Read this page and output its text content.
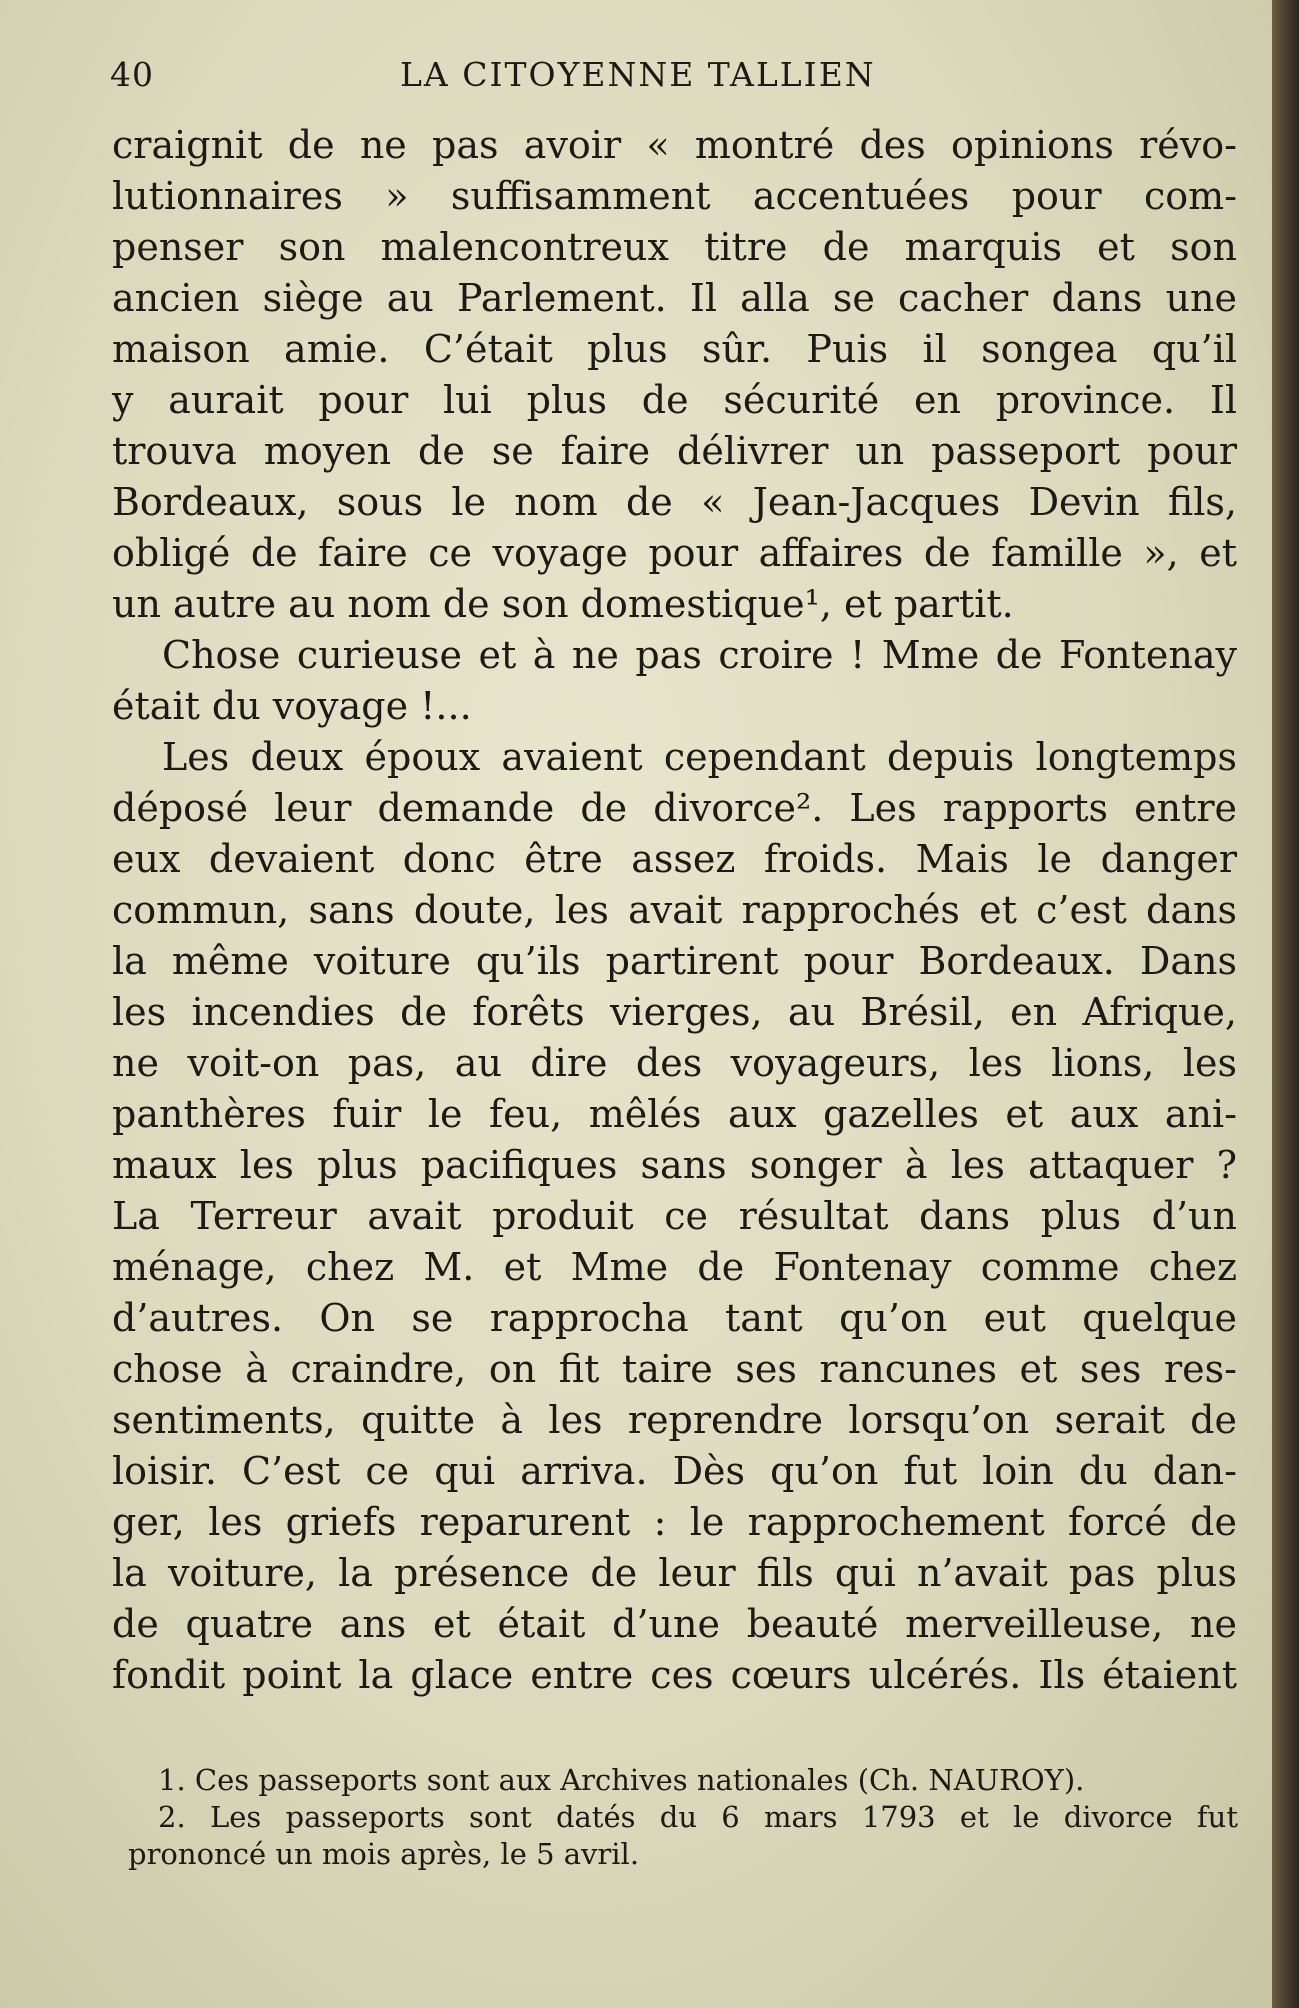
40	LA CITOYENNE TALLIEN
craignit de ne pas avoir « montré des opinions révo-
lutionnaires » suffisamment accentuées pour com-
penser son malencontreux titre de marquis et son
ancien siège au Parlement. Il alla se cacher dans une
maison amie. C’était plus sûr. Puis il songea qu’il
y aurait pour lui plus de sécurité en province. Il
trouva moyen de se faire délivrer un passeport pour
Bordeaux, sous le nom de « Jean-Jacques Devin fils,
obligé de faire ce voyage pour affaires de famille », et
un autre au nom de son domestique¹, et partit.
Chose curieuse et à ne pas croire ! Mme de Fontenay
était du voyage !...
Les deux époux avaient cependant depuis longtemps
déposé leur demande de divorce². Les rapports entre
eux devaient donc être assez froids. Mais le danger
commun, sans doute, les avait rapprochés et c’est dans
la même voiture qu’ils partirent pour Bordeaux. Dans
les incendies de forêts vierges, au Brésil, en Afrique,
ne voit-on pas, au dire des voyageurs, les lions, les
panthères fuir le feu, mêlés aux gazelles et aux ani-
maux les plus pacifiques sans songer à les attaquer ?
La Terreur avait produit ce résultat dans plus d’un
ménage, chez M. et Mme de Fontenay comme chez
d’autres. On se rapprocha tant qu’on eut quelque
chose à craindre, on fit taire ses rancunes et ses res-
sentiments, quitte à les reprendre lorsqu’on serait de
loisir. C’est ce qui arriva. Dès qu’on fut loin du dan-
ger, les griefs reparurent : le rapprochement forcé de
la voiture, la présence de leur fils qui n’avait pas plus
de quatre ans et était d’une beauté merveilleuse, ne
fondit point la glace entre ces cœurs ulcérés. Ils étaient
1. Ces passeports sont aux Archives nationales (Ch. NAUROY).
2. Les passeports sont datés du 6 mars 1793 et le divorce fut
prononcé un mois après, le 5 avril.
